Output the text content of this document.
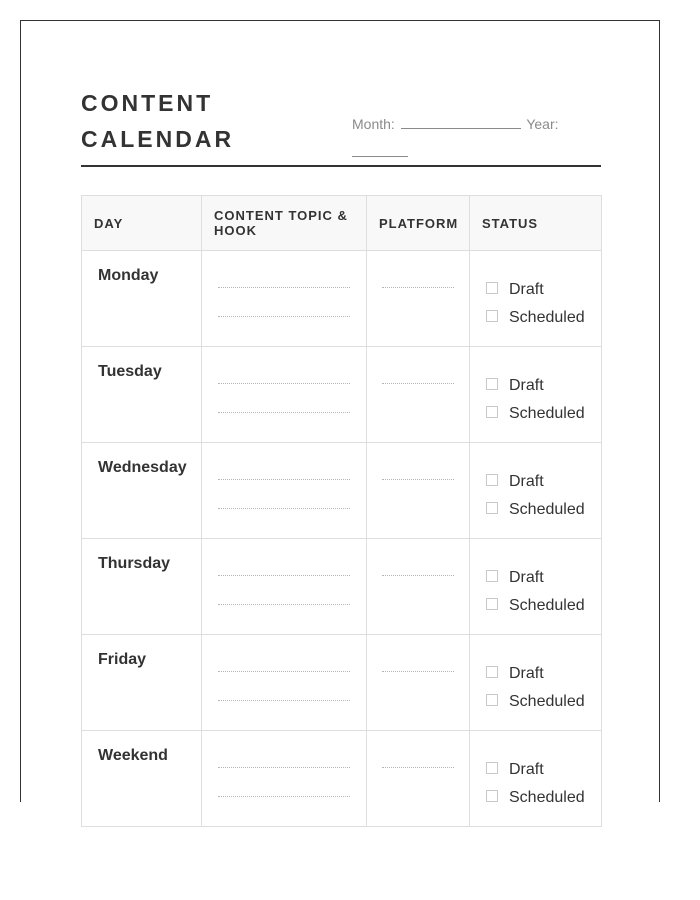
CONTENT
CALENDAR
Month:	Year:

DAY	CONTENT TOPIC & HOOK	PLATFORM	STATUS

Monday			Draft
Scheduled

Tuesday			Draft
Scheduled

Wednesday			Draft
Scheduled

Thursday			Draft
Scheduled

Friday			Draft
Scheduled

Weekend			Draft
Scheduled
